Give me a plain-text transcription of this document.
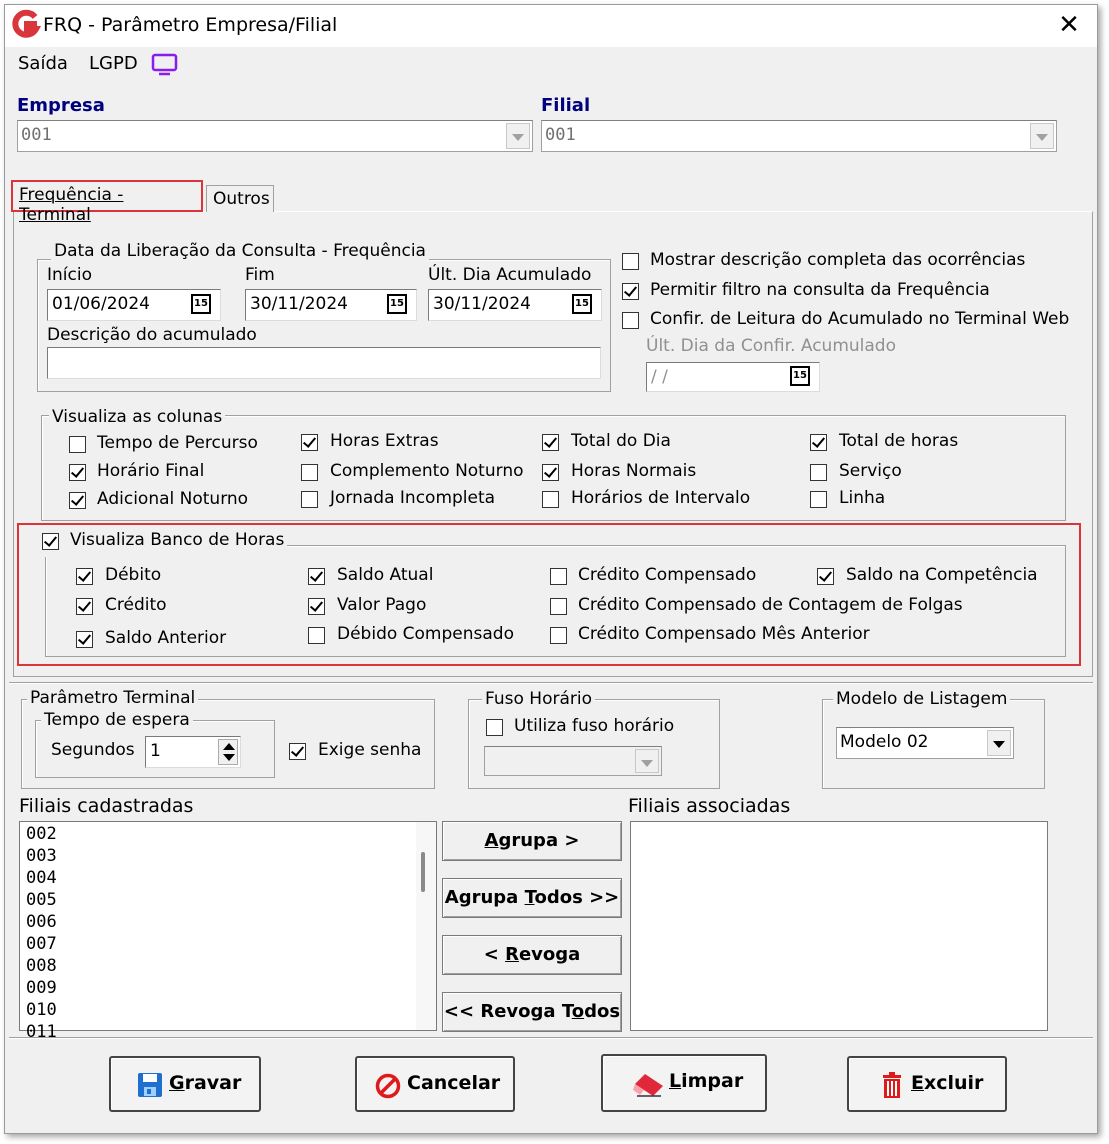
FRQ - Parâmetro Empresa/Filial	✕
Saída LGPD
Empresa
001
Filial
001
Frequência - Terminal
Outros
Data da Liberação da Consulta - Frequência
Início	Fim	Últ. Dia Acumulado
01/06/2024	15 30/11/2024	15 30/11/2024	15
Descrição do acumulado
Mostrar descrição completa das ocorrências
Permitir filtro na consulta da Frequência
Confir. de Leitura do Acumulado no Terminal Web
Últ. Dia da Confir. Acumulado
/ /	15
Visualiza as colunas
Tempo de Percurso
Horário Final
Adicional Noturno
Horas Extras
Complemento Noturno
Jornada Incompleta
Total do Dia
Horas Normais
Horários de Intervalo
Total de horas
Serviço
Linha
Visualiza Banco de Horas
Débito
Crédito
Saldo Anterior
Saldo Atual
Valor Pago
Débido Compensado
Crédito Compensado
Crédito Compensado de Contagem de Folgas
Crédito Compensado Mês Anterior
Saldo na Competência
Parâmetro Terminal
Tempo de espera
Segundos 1	Exige senha
Fuso Horário
Utiliza fuso horário
Modelo de Listagem
Modelo 02
Filiais cadastradas	Filiais associadas
002
003
004
005
006
007
008
009
010
011
Agrupa >
Agrupa Todos >>
< Revoga
<< Revoga Todos
Gravar	Cancelar	Limpar	Excluir
